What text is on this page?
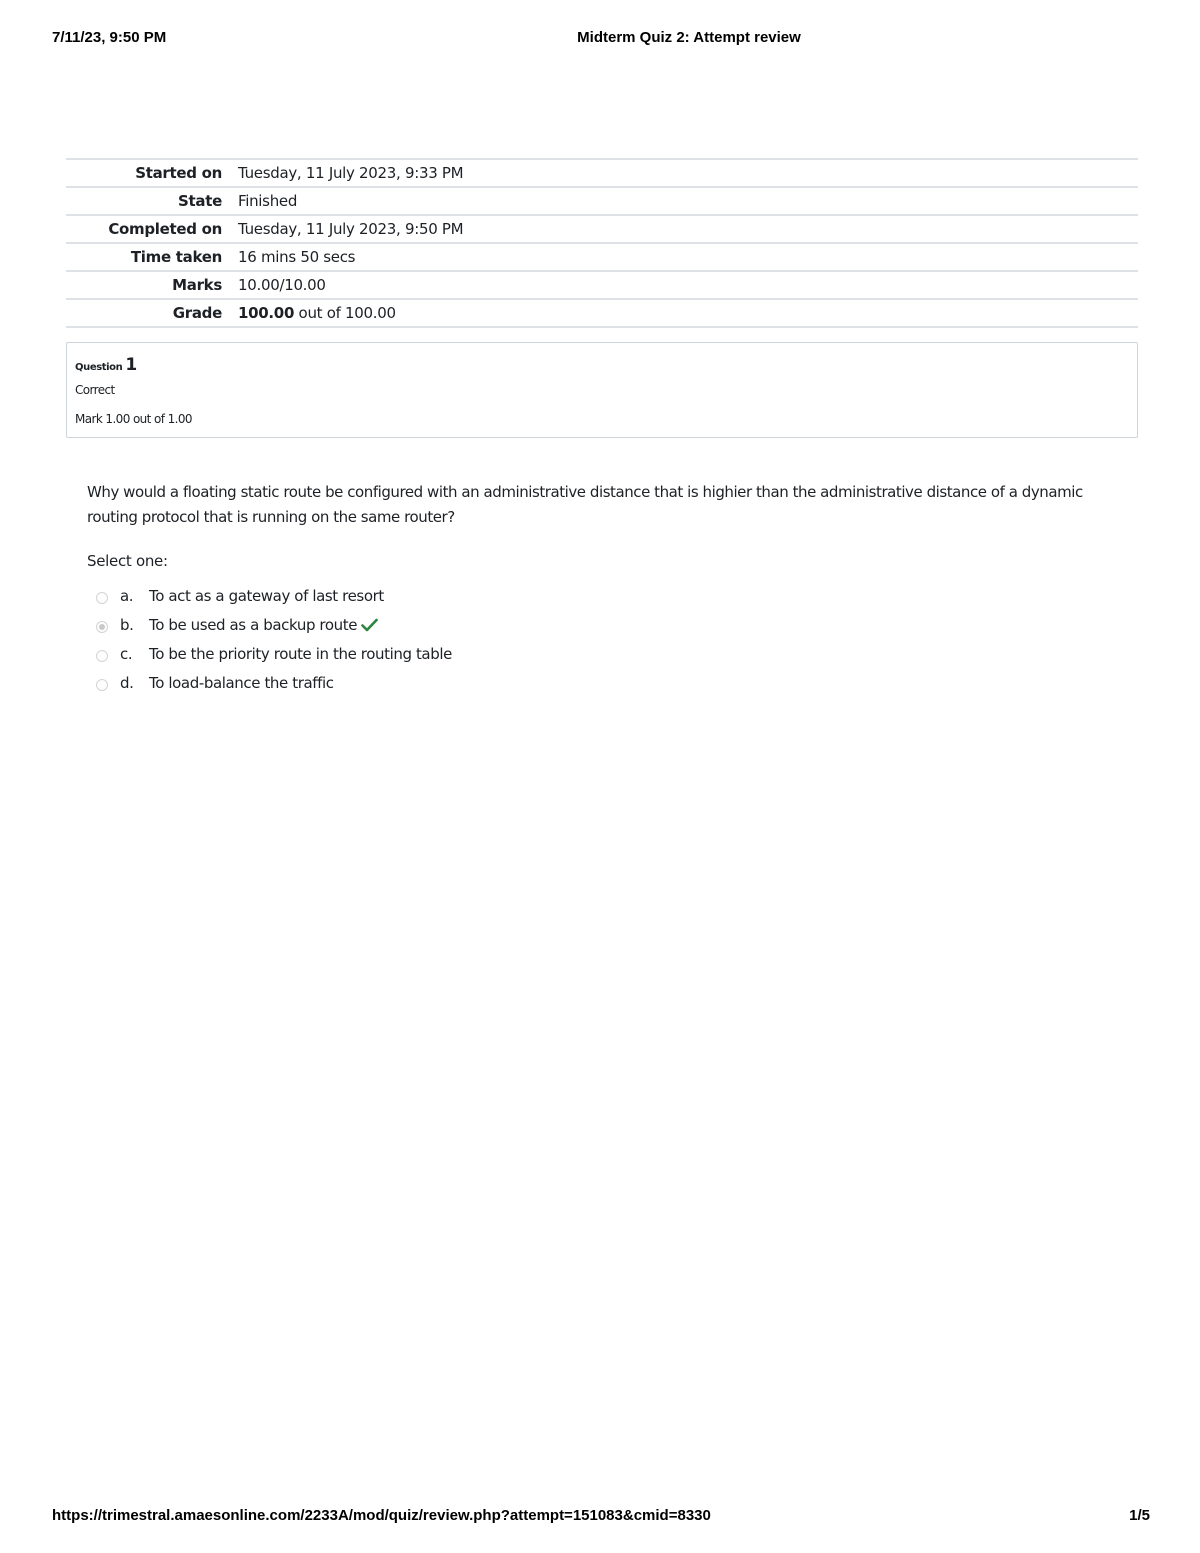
7/11/23, 9:50 PM	Midterm Quiz 2: Attempt review
Started on	Tuesday, 11 July 2023, 9:33 PM
State	Finished
Completed on	Tuesday, 11 July 2023, 9:50 PM
Time taken	16 mins 50 secs
Marks	10.00/10.00
Grade	100.00 out of 100.00
Question 1
Correct
Mark 1.00 out of 1.00
Why would a floating static route be configured with an administrative distance that is highier than the administrative distance of a dynamic routing protocol that is running on the same router?
Select one:
a. To act as a gateway of last resort
b. To be used as a backup route
c. To be the priority route in the routing table
d. To load-balance the traffic
https://trimestral.amaesonline.com/2233A/mod/quiz/review.php?attempt=151083&cmid=8330	1/5
